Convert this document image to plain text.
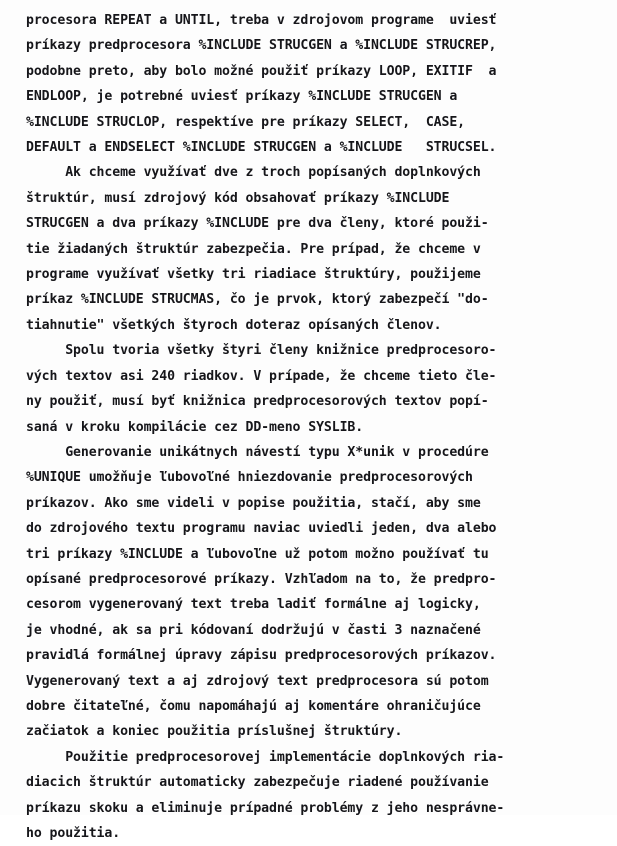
procesora REPEAT a UNTIL, treba v zdrojovom programe  uviesť
príkazy predprocesora %INCLUDE STRUCGEN a %INCLUDE STRUCREP,
podobne preto, aby bolo možné použiť príkazy LOOP, EXITIF  a
ENDLOOP, je potrebné uviesť príkazy %INCLUDE STRUCGEN a
%INCLUDE STRUCLOP, respektíve pre príkazy SELECT,  CASE,
DEFAULT a ENDSELECT %INCLUDE STRUCGEN a %INCLUDE   STRUCSEL.
Ak chceme využívať dve z troch popísaných doplnkových
štruktúr, musí zdrojový kód obsahovať príkazy %INCLUDE
STRUCGEN a dva príkazy %INCLUDE pre dva členy, ktoré použi-
tie žiadaných štruktúr zabezpečia. Pre prípad, že chceme v
programe využívať všetky tri riadiace štruktúry, použijeme
príkaz %INCLUDE STRUCMAS, čo je prvok, ktorý zabezpečí "do-
tiahnutie" všetkých štyroch doteraz opísaných členov.
Spolu tvoria všetky štyri členy knižnice predprocesoro-
vých textov asi 240 riadkov. V prípade, že chceme tieto čle-
ny použiť, musí byť knižnica predprocesorových textov popí-
saná v kroku kompilácie cez DD-meno SYSLIB.
Generovanie unikátnych návestí typu X*unik v procedúre
%UNIQUE umožňuje ľubovoľné hniezdovanie predprocesorových
príkazov. Ako sme videli v popise použitia, stačí, aby sme
do zdrojového textu programu naviac uviedli jeden, dva alebo
tri príkazy %INCLUDE a ľubovoľne už potom možno používať tu
opísané predprocesorové príkazy. Vzhľadom na to, že predpro-
cesorom vygenerovaný text treba ladiť formálne aj logicky,
je vhodné, ak sa pri kódovaní dodržujú v časti 3 naznačené
pravidlá formálnej úpravy zápisu predprocesorových príkazov.
Vygenerovaný text a aj zdrojový text predprocesora sú potom
dobre čitateľné, čomu napomáhajú aj komentáre ohraničujúce
začiatok a koniec použitia príslušnej štruktúry.
Použitie predprocesorovej implementácie doplnkových ria-
diacich štruktúr automaticky zabezpečuje riadené používanie
príkazu skoku a eliminuje prípadné problémy z jeho nesprávne-
ho použitia.
